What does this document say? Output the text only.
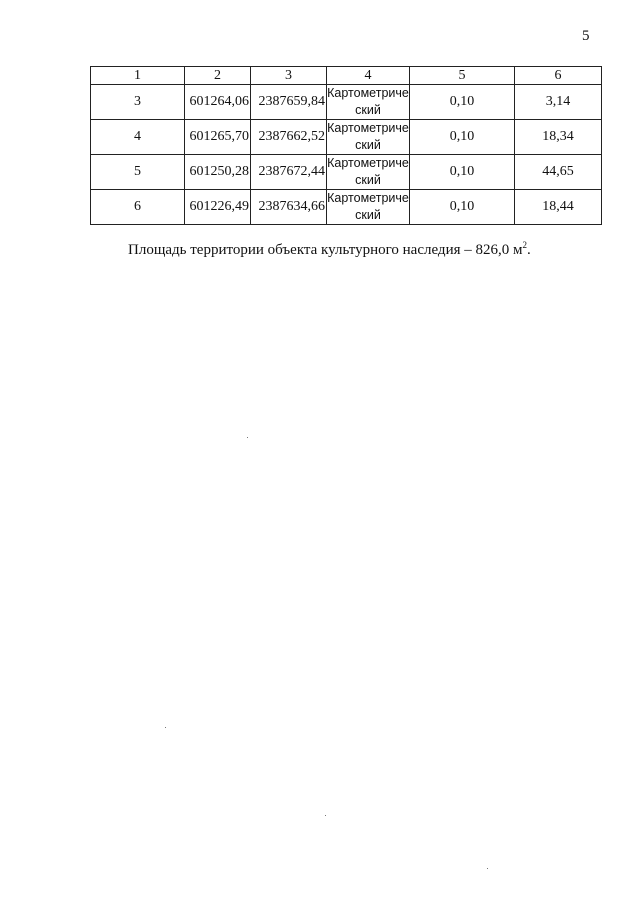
5
1	2	3	4	5	6
3	601264,06	2387659,84	Картометрический	0,10	3,14
4	601265,70	2387662,52	Картометрический	0,10	18,34
5	601250,28	2387672,44	Картометрический	0,10	44,65
6	601226,49	2387634,66	Картометрический	0,10	18,44
Площадь территории объекта культурного наследия – 826,0 $м^2$.
